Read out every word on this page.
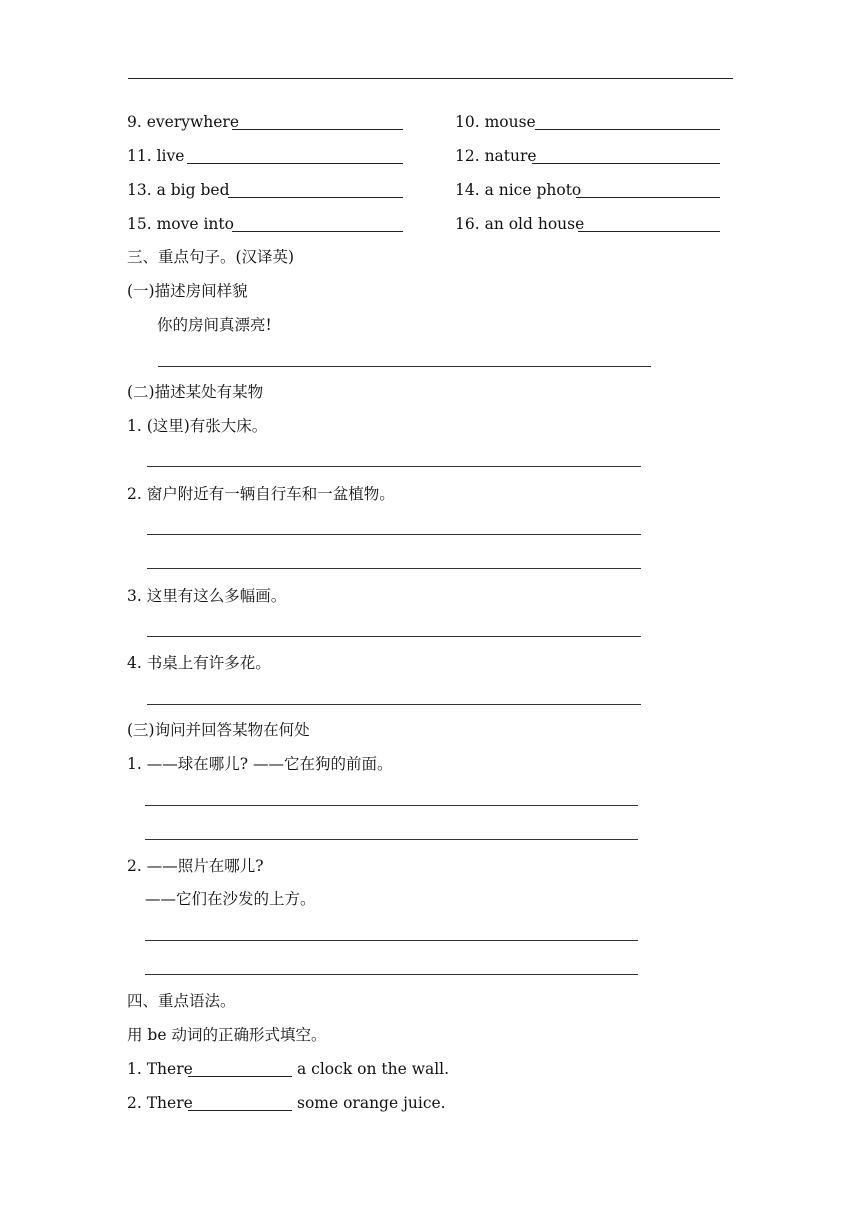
9. everywhere	10. mouse
11. live	12. nature
13. a big bed	14. a nice photo
15. move into	16. an old house
三、重点句子。(汉译英)
(一)描述房间样貌
你的房间真漂亮!
(二)描述某处有某物
1. (这里)有张大床。
2. 窗户附近有一辆自行车和一盆植物。
3. 这里有这么多幅画。
4. 书桌上有许多花。
(三)询问并回答某物在何处
1. ——球在哪儿? ——它在狗的前面。
2. ——照片在哪儿?
——它们在沙发的上方。
四、重点语法。
用 be 动词的正确形式填空。
1. There	a clock on the wall.
2. There	some orange juice.
